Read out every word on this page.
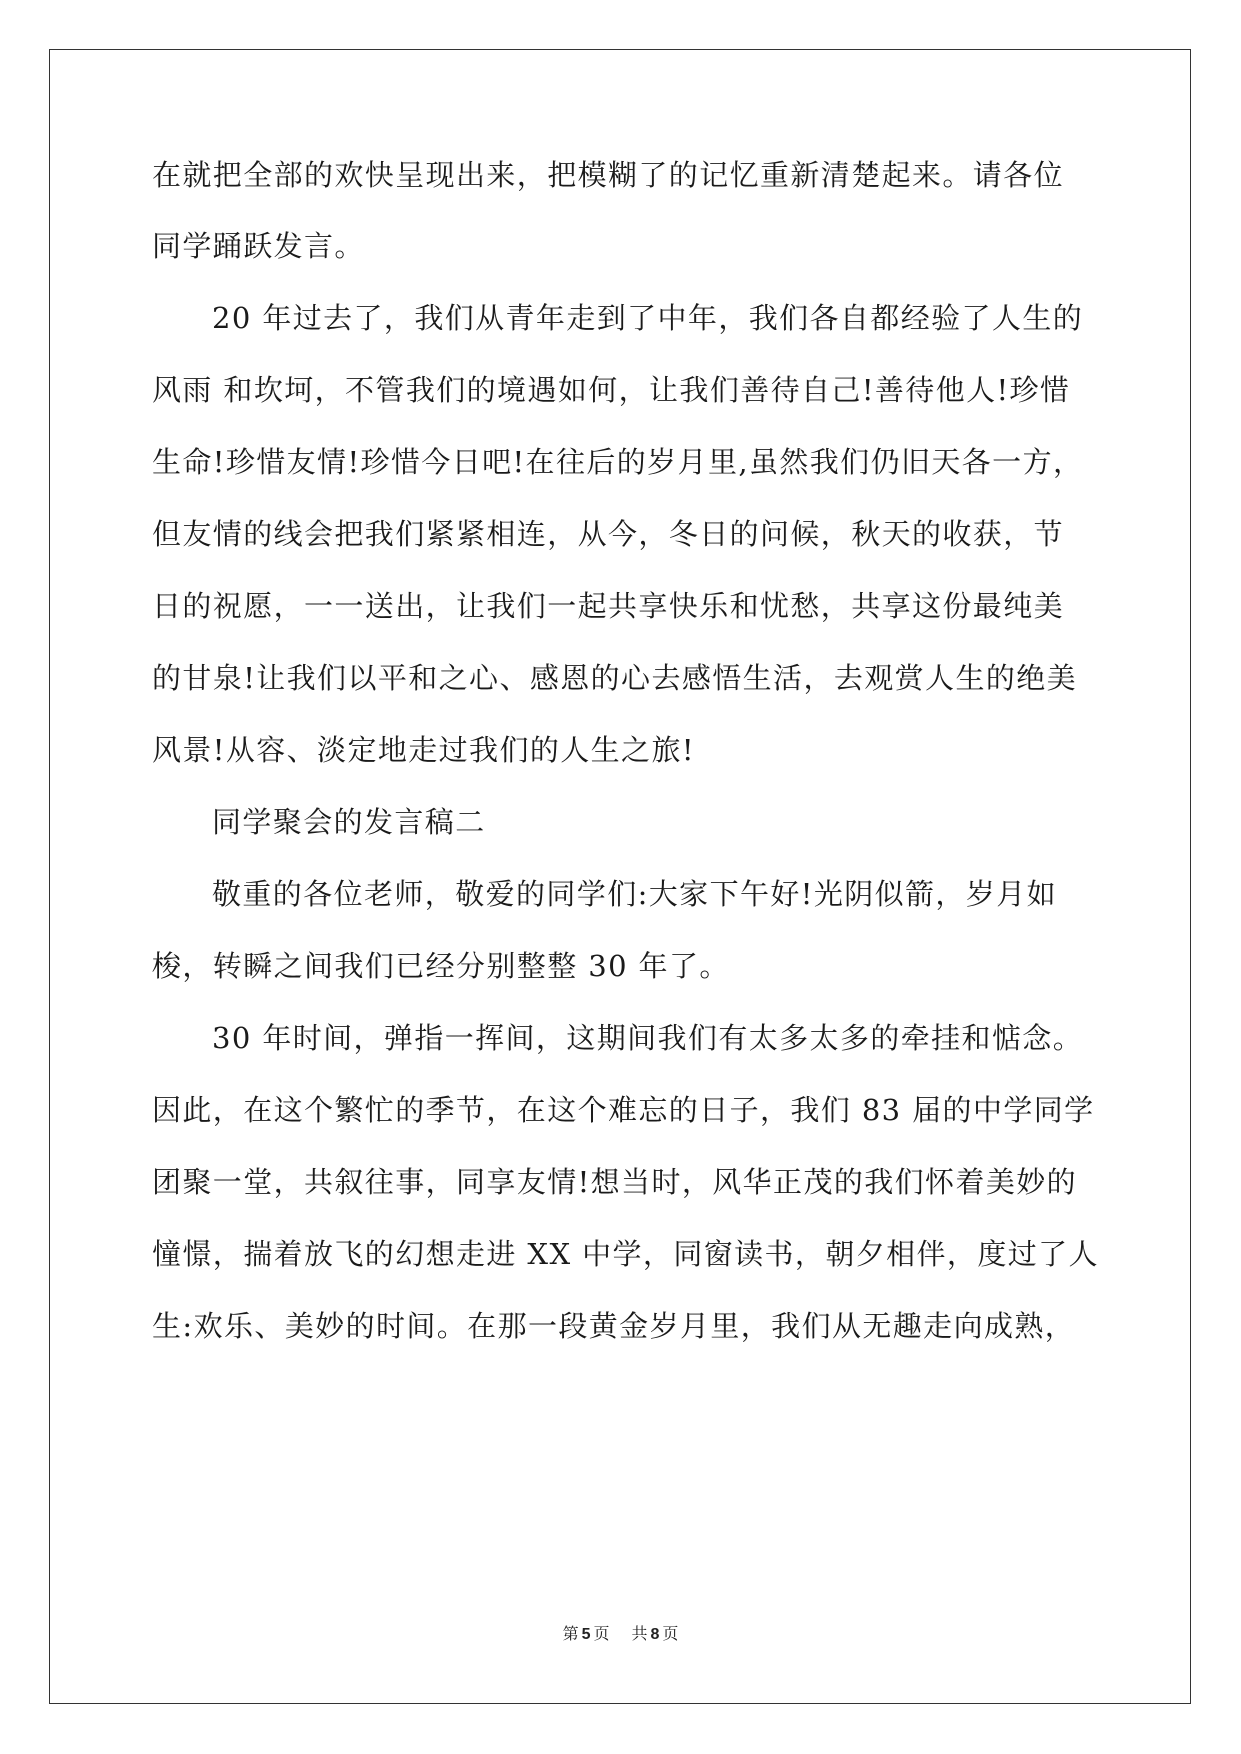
在就把全部的欢快呈现出来，把模糊了的记忆重新清楚起来。请各位
同学踊跃发言。
20 年过去了，我们从青年走到了中年，我们各自都经验了人生的
风雨 和坎坷，不管我们的境遇如何，让我们善待自己!善待他人!珍惜
生命!珍惜友情!珍惜今日吧!在往后的岁月里,虽然我们仍旧天各一方，
但友情的线会把我们紧紧相连，从今，冬日的问候，秋天的收获，节
日的祝愿，一一送出，让我们一起共享快乐和忧愁，共享这份最纯美
的甘泉!让我们以平和之心、感恩的心去感悟生活，去观赏人生的绝美
风景!从容、淡定地走过我们的人生之旅!
同学聚会的发言稿二
敬重的各位老师，敬爱的同学们:大家下午好!光阴似箭，岁月如
梭，转瞬之间我们已经分别整整 30 年了。
30 年时间，弹指一挥间，这期间我们有太多太多的牵挂和惦念。
因此，在这个繁忙的季节，在这个难忘的日子，我们 83 届的中学同学
团聚一堂，共叙往事，同享友情!想当时，风华正茂的我们怀着美妙的
憧憬，揣着放飞的幻想走进 XX 中学，同窗读书，朝夕相伴，度过了人
生:欢乐、美妙的时间。在那一段黄金岁月里，我们从无趣走向成熟，
第 5 页 共 8 页
